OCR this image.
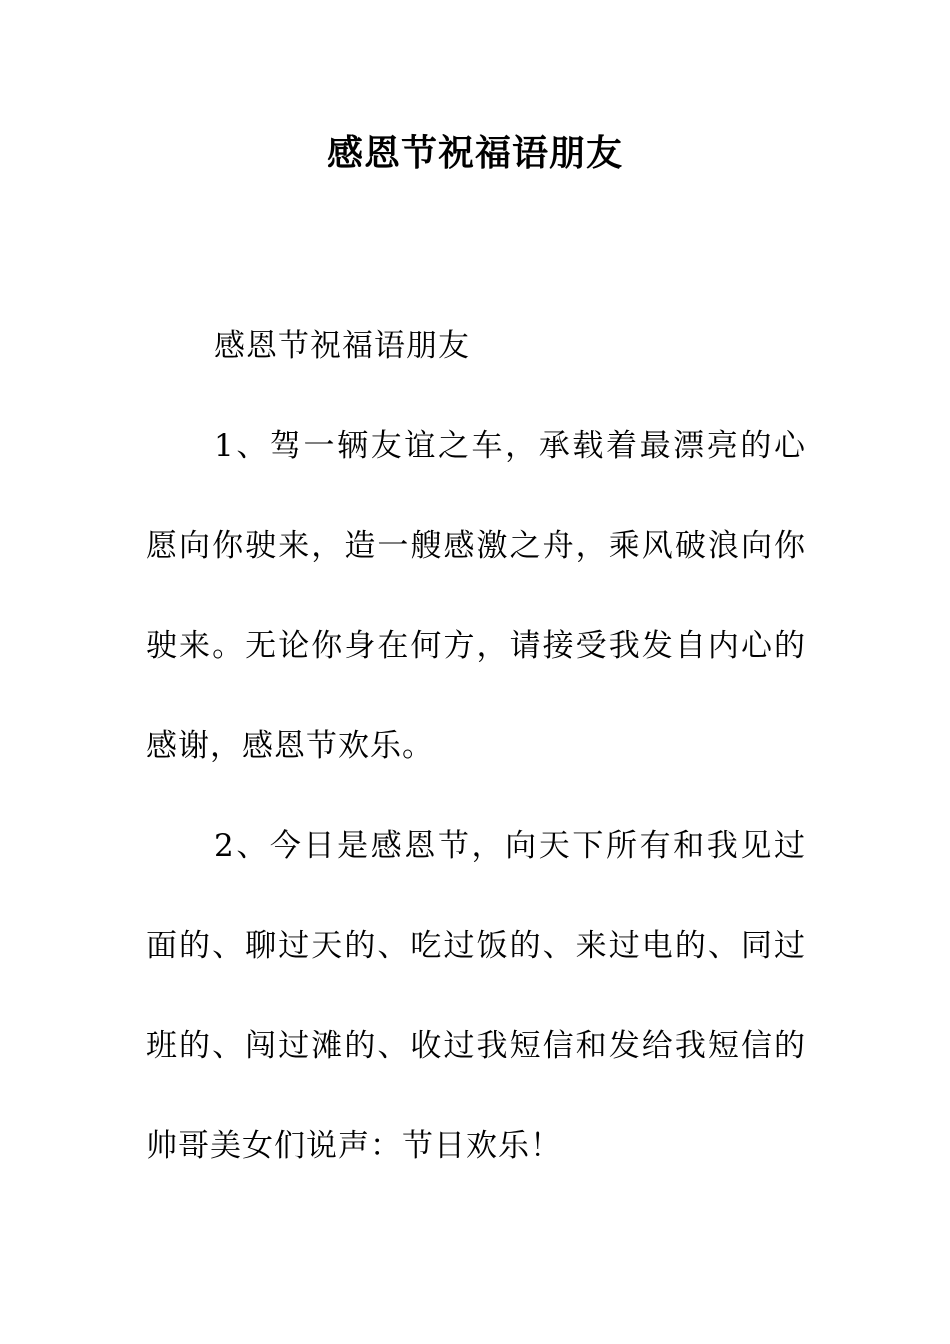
感恩节祝福语朋友

感恩节祝福语朋友

1、驾一辆友谊之车，承载着最漂亮的心愿向你驶来，造一艘感激之舟，乘风破浪向你驶来。无论你身在何方，请接受我发自内心的感谢，感恩节欢乐。

2、今日是感恩节，向天下所有和我见过面的、聊过天的、吃过饭的、来过电的、同过班的、闯过滩的、收过我短信和发给我短信的帅哥美女们说声：节日欢乐！
